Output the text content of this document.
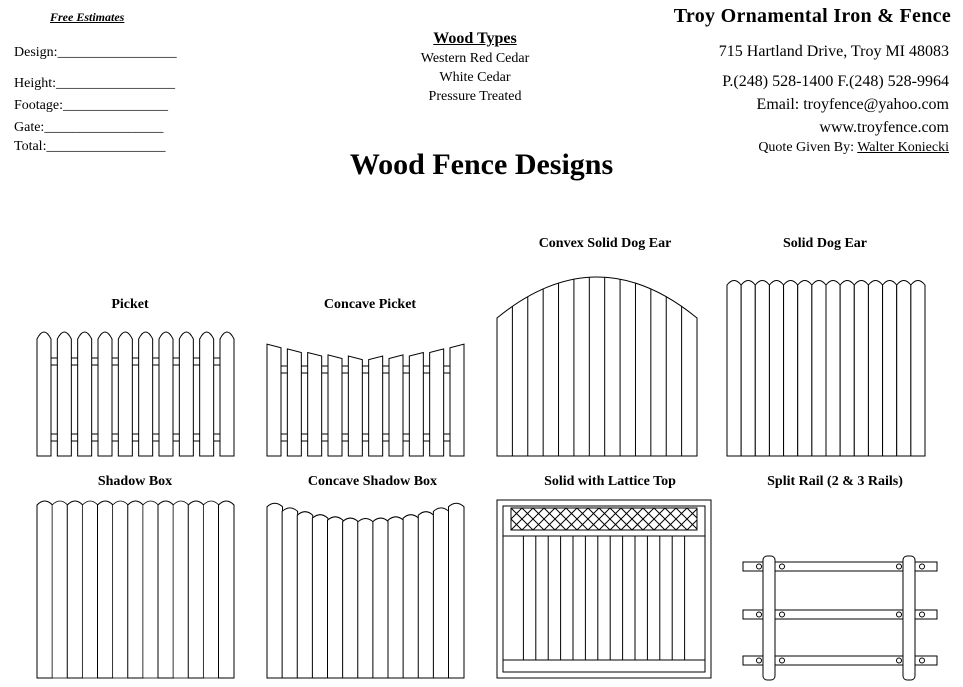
Free Estimates
Design:_________________
Height:_________________
Footage:_______________
Gate:_________________
Total:_________________
Wood Types
Western Red Cedar
White Cedar
Pressure Treated
Troy Ornamental Iron & Fence
715 Hartland Drive, Troy MI 48083
P.(248) 528-1400 F.(248) 528-9964
Email: troyfence@yahoo.com
www.troyfence.com
Quote Given By: Walter Koniecki
Wood Fence Designs
Picket	Concave Picket
Convex Solid Dog Ear	Solid Dog Ear
Shadow Box	Concave Shadow Box	Solid with Lattice Top	Split Rail (2 & 3 Rails)
